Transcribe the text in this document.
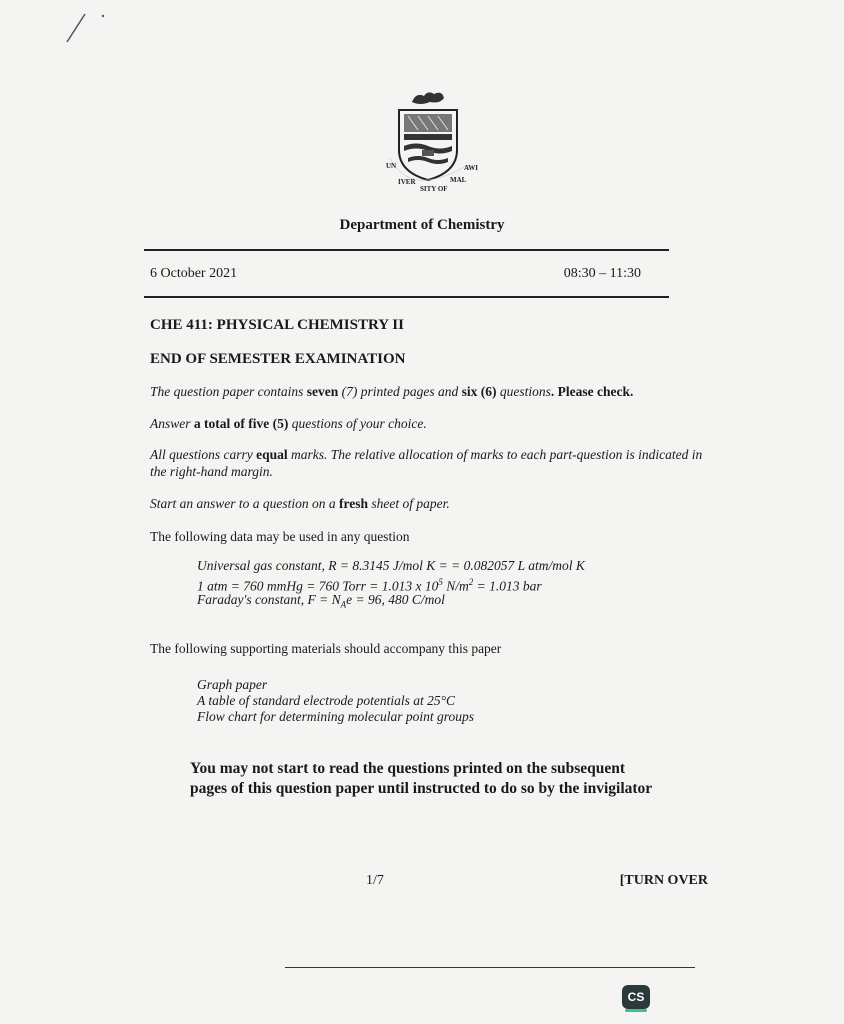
UNIVERSITY OFMALAWI
Department of Chemistry
6 October 2021	08:30 – 11:30
CHE 411: PHYSICAL CHEMISTRY II
END OF SEMESTER EXAMINATION
The question paper contains seven (7) printed pages and six (6) questions. Please check.
Answer a total of five (5) questions of your choice.
All questions carry equal marks. The relative allocation of marks to each part-question is indicated in the right-hand margin.
Start an answer to a question on a fresh sheet of paper.
The following data may be used in any question
Universal gas constant, R = 8.3145 J/mol K = = 0.082057 L atm/mol K
1 atm = 760 mmHg = 760 Torr = 1.013 x $10^5$ $N/m^2 = 1.013$ bar
Faraday's constant, $F = N_Ae = 96$, 480 C/mol
The following supporting materials should accompany this paper
Graph paper
A table of standard electrode potentials at 25°C
Flow chart for determining molecular point groups
You may not start to read the questions printed on the subsequent pages of this question paper until instructed to do so by the invigilator
1/7	[TURN OVER
CS
